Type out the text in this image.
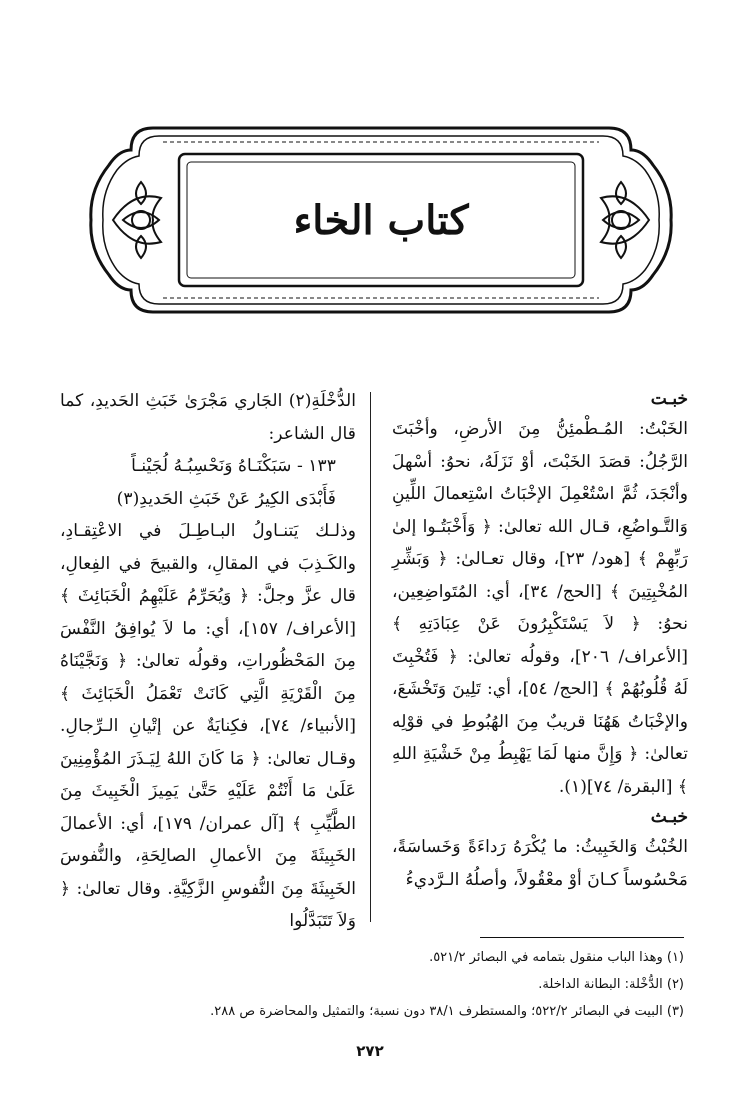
كتاب الخاء

خبـت

الخَبْتُ: المُـطْمئِنُّ مِنَ الأرضِ، وأخْبَتَ الرَّجُلُ: قصَدَ الخَبْتَ، أوْ نَزَلَهُ، نحوُ: أسْهلَ وأنْجَدَ، ثُمَّ اسْتُعْمِلَ الإخْبَاتُ اسْتِعمالَ اللِّينِ وَالتَّـواضُعِ، قـال الله تعالىٰ: ﴿ وَأَخْبَتُـوا إلىٰ رَبِّهِمْ ﴾ [هود/ ٢٣]، وقال تعـالىٰ: ﴿ وَبَشِّرِ المُخْبِتِينَ ﴾ [الحج/ ٣٤]، أي: المُتَواضِعِين، نحوُ: ﴿ لاَ يَسْتَكْبِرُونَ عَنْ عِبَادَتِهِ ﴾ [الأعراف/ ٢٠٦]، وقولُه تعالىٰ: ﴿ فَتُخْبِتَ لَهُ قُلُوبُهُمْ ﴾ [الحج/ ٥٤]، أي: تَلِينَ وَتَخْشَعَ، والإخْبَاتُ هَهُنَا قريبٌ مِنَ الهُبُوطِ في قوْلِه تعالىٰ: ﴿ وَإِنَّ منها لَمَا يَهْبِطُ مِنْ خَشْيَةِ اللهِ ﴾ [البقرة/ ٧٤](١).

خبـث

الخُبْثُ وَالخَبِيثُ: ما يُكْرَهُ رَداءَةً وَخَساسَةً، مَحْسُوساً كـانَ أوْ معْقُولاً، وأصلُهُ الـرَّديءُ

الدُّخْلَةِ(٢) الجَاري مَجْرَىٰ خَبَثِ الحَديدِ، كما قال الشاعر:

١٣٣ - سَبَكْنَـاهُ وَنَحْسِبُـهُ لُجَيْنـاً

فَأَبْدَى الكِيرُ عَنْ خَبَثِ الحَديدِ(٣)

وذلـك يَتنـاولُ البـاطِـلَ في الاعْتِقـادِ، والكَـذِبَ في المقالِ، والقبيحَ في الفِعالِ، قال عزَّ وجلَّ: ﴿ وَيُحَرِّمُ عَلَيْهِمُ الْخَبَائِثَ ﴾ [الأعراف/ ١٥٧]، أي: ما لاَ يُوافِقُ النَّفْسَ مِنَ المَحْظُوراتِ، وقولُه تعالىٰ: ﴿ وَنَجَّيْنَاهُ مِنَ الْقَرْيَةِ الَّتِي كَانَتْ تَعْمَلُ الْخَبَائِثَ ﴾ [الأنبياء/ ٧٤]، فكِنايَةٌ عن إتْيانِ الـرِّجالِ. وقـال تعالىٰ: ﴿ مَا كَانَ اللهُ لِيَـذَرَ المُؤْمِنِينَ عَلَىٰ مَا أَنْتُمْ عَلَيْهِ حَتَّىٰ يَمِيزَ الْخَبِيثَ مِنَ الطَّيِّبِ ﴾ [آل عمران/ ١٧٩]، أي: الأعمالَ الخَبِيثَةَ مِنَ الأعمالِ الصالِحَةِ، والنُّفوسَ الخَبِيثَةَ مِنَ النُّفوسِ الزَّكِيَّةِ. وقال تعالىٰ: ﴿ وَلاَ تَتَبَدَّلُوا

(١) وهذا الباب منقول بتمامه في البصائر ٥٢١/٢.
(٢) الدُّخْلة: البطانة الداخلة.
(٣) البيت في البصائر ٥٢٢/٢؛ والمستطرف ٣٨/١ دون نسبة؛ والتمثيل والمحاضرة ص ٢٨٨.
٢٧٢
